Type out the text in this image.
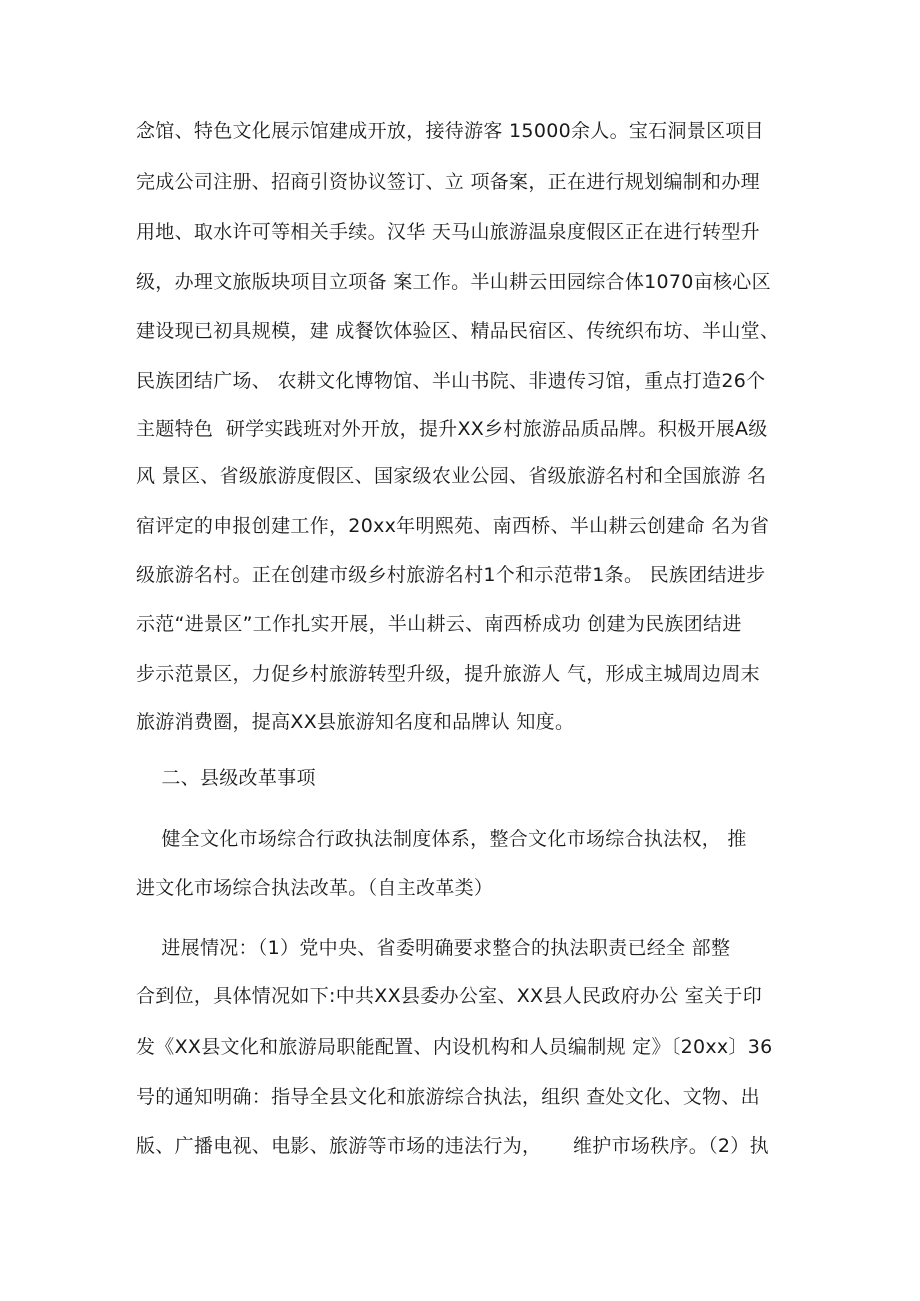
念馆、特色文化展示馆建成开放，接待游客 15000余人。宝石洞景区项目
完成公司注册、招商引资协议签订、立 项备案，正在进行规划编制和办理
用地、取水许可等相关手续。汉华 天马山旅游温泉度假区正在进行转型升
级，办理文旅版块项目立项备 案工作。半山耕云田园综合体1070亩核心区
建设现已初具规模，建 成餐饮体验区、精品民宿区、传统织布坊、半山堂、
民族团结广场、 农耕文化博物馆、半山书院、非遗传习馆，重点打造26个
主题特色  研学实践班对外开放，提升XX乡村旅游品质品牌。积极开展A级
风 景区、省级旅游度假区、国家级农业公园、省级旅游名村和全国旅游 名
宿评定的申报创建工作，20xx年明熙苑、南西桥、半山耕云创建命 名为省
级旅游名村。正在创建市级乡村旅游名村1个和示范带1条。 民族团结进步
示范“进景区”工作扎实开展，半山耕云、南西桥成功 创建为民族团结进
步示范景区，力促乡村旅游转型升级，提升旅游人 气，形成主城周边周末
旅游消费圈，提高XX县旅游知名度和品牌认 知度。
二、县级改革事项
健全文化市场综合行政执法制度体系，整合文化市场综合执法权， 推
进文化市场综合执法改革。（自主改革类）
进展情况：（1）党中央、省委明确要求整合的执法职责已经全 部整
合到位，具体情况如下:中共XX县委办公室、XX县人民政府办公 室关于印
发《XX县文化和旅游局职能配置、内设机构和人员编制规 定》〔20xx〕36
号的通知明确：指导全县文化和旅游综合执法，组织 查处文化、文物、出
版、广播电视、电影、旅游等市场的违法行为，     维护市场秩序。（2）执
